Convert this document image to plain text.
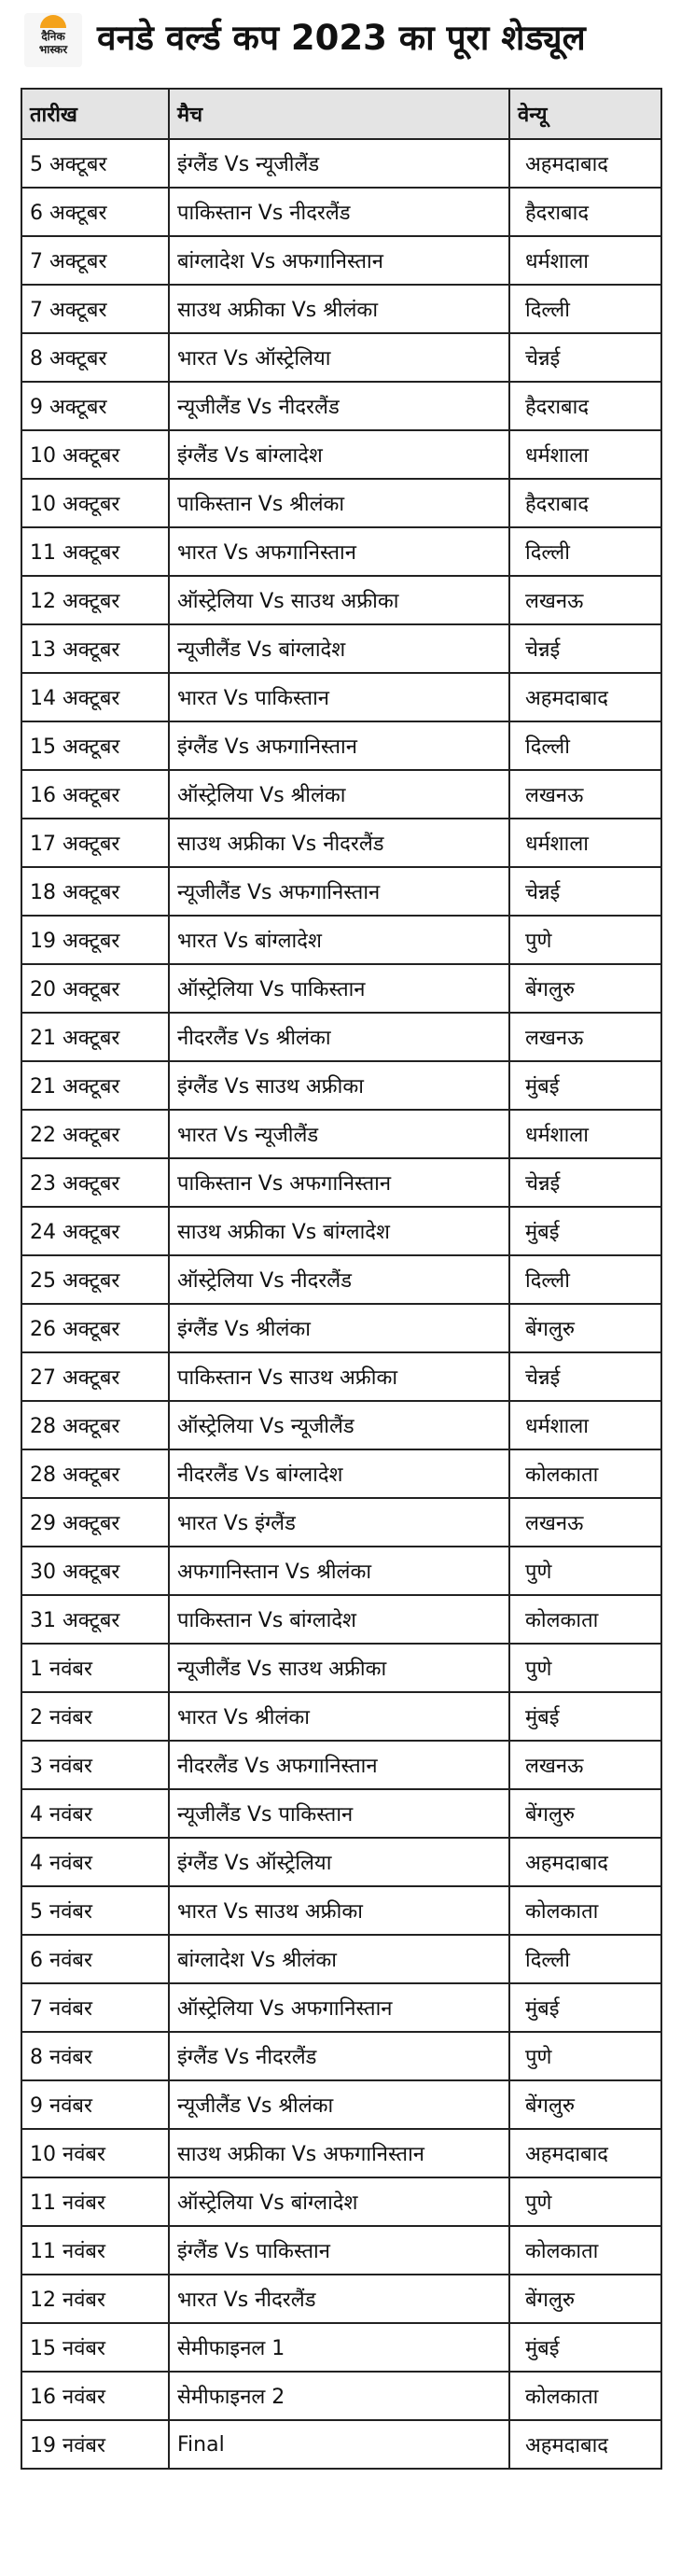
दैनिक
भास्कर वनडे वर्ल्ड कप 2023 का पूरा शेड्यूल
तारीख	मैच	वेन्यू
5 अक्टूबर	इंग्लैंड Vs न्यूजीलैंड	अहमदाबाद
6 अक्टूबर	पाकिस्तान Vs नीदरलैंड	हैदराबाद
7 अक्टूबर	बांग्लादेश Vs अफगानिस्तान	धर्मशाला
7 अक्टूबर	साउथ अफ्रीका Vs श्रीलंका	दिल्ली
8 अक्टूबर	भारत Vs ऑस्ट्रेलिया	चेन्नई
9 अक्टूबर	न्यूजीलैंड Vs नीदरलैंड	हैदराबाद
10 अक्टूबर	इंग्लैंड Vs बांग्लादेश	धर्मशाला
10 अक्टूबर	पाकिस्तान Vs श्रीलंका	हैदराबाद
11 अक्टूबर	भारत Vs अफगानिस्तान	दिल्ली
12 अक्टूबर	ऑस्ट्रेलिया Vs साउथ अफ्रीका	लखनऊ
13 अक्टूबर	न्यूजीलैंड Vs बांग्लादेश	चेन्नई
14 अक्टूबर	भारत Vs पाकिस्तान	अहमदाबाद
15 अक्टूबर	इंग्लैंड Vs अफगानिस्तान	दिल्ली
16 अक्टूबर	ऑस्ट्रेलिया Vs श्रीलंका	लखनऊ
17 अक्टूबर	साउथ अफ्रीका Vs नीदरलैंड	धर्मशाला
18 अक्टूबर	न्यूजीलैंड Vs अफगानिस्तान	चेन्नई
19 अक्टूबर	भारत Vs बांग्लादेश	पुणे
20 अक्टूबर	ऑस्ट्रेलिया Vs पाकिस्तान	बेंगलुरु
21 अक्टूबर	नीदरलैंड Vs श्रीलंका	लखनऊ
21 अक्टूबर	इंग्लैंड Vs साउथ अफ्रीका	मुंबई
22 अक्टूबर	भारत Vs न्यूजीलैंड	धर्मशाला
23 अक्टूबर	पाकिस्तान Vs अफगानिस्तान	चेन्नई
24 अक्टूबर	साउथ अफ्रीका Vs बांग्लादेश	मुंबई
25 अक्टूबर	ऑस्ट्रेलिया Vs नीदरलैंड	दिल्ली
26 अक्टूबर	इंग्लैंड Vs श्रीलंका	बेंगलुरु
27 अक्टूबर	पाकिस्तान Vs साउथ अफ्रीका	चेन्नई
28 अक्टूबर	ऑस्ट्रेलिया Vs न्यूजीलैंड	धर्मशाला
28 अक्टूबर	नीदरलैंड Vs बांग्लादेश	कोलकाता
29 अक्टूबर	भारत Vs इंग्लैंड	लखनऊ
30 अक्टूबर	अफगानिस्तान Vs श्रीलंका	पुणे
31 अक्टूबर	पाकिस्तान Vs बांग्लादेश	कोलकाता
1 नवंबर	न्यूजीलैंड Vs साउथ अफ्रीका	पुणे
2 नवंबर	भारत Vs श्रीलंका	मुंबई
3 नवंबर	नीदरलैंड Vs अफगानिस्तान	लखनऊ
4 नवंबर	न्यूजीलैंड Vs पाकिस्तान	बेंगलुरु
4 नवंबर	इंग्लैंड Vs ऑस्ट्रेलिया	अहमदाबाद
5 नवंबर	भारत Vs साउथ अफ्रीका	कोलकाता
6 नवंबर	बांग्लादेश Vs श्रीलंका	दिल्ली
7 नवंबर	ऑस्ट्रेलिया Vs अफगानिस्तान	मुंबई
8 नवंबर	इंग्लैंड Vs नीदरलैंड	पुणे
9 नवंबर	न्यूजीलैंड Vs श्रीलंका	बेंगलुरु
10 नवंबर	साउथ अफ्रीका Vs अफगानिस्तान	अहमदाबाद
11 नवंबर	ऑस्ट्रेलिया Vs बांग्लादेश	पुणे
11 नवंबर	इंग्लैंड Vs पाकिस्तान	कोलकाता
12 नवंबर	भारत Vs नीदरलैंड	बेंगलुरु
15 नवंबर	सेमीफाइनल 1	मुंबई
16 नवंबर	सेमीफाइनल 2	कोलकाता
19 नवंबर	Final	अहमदाबाद
